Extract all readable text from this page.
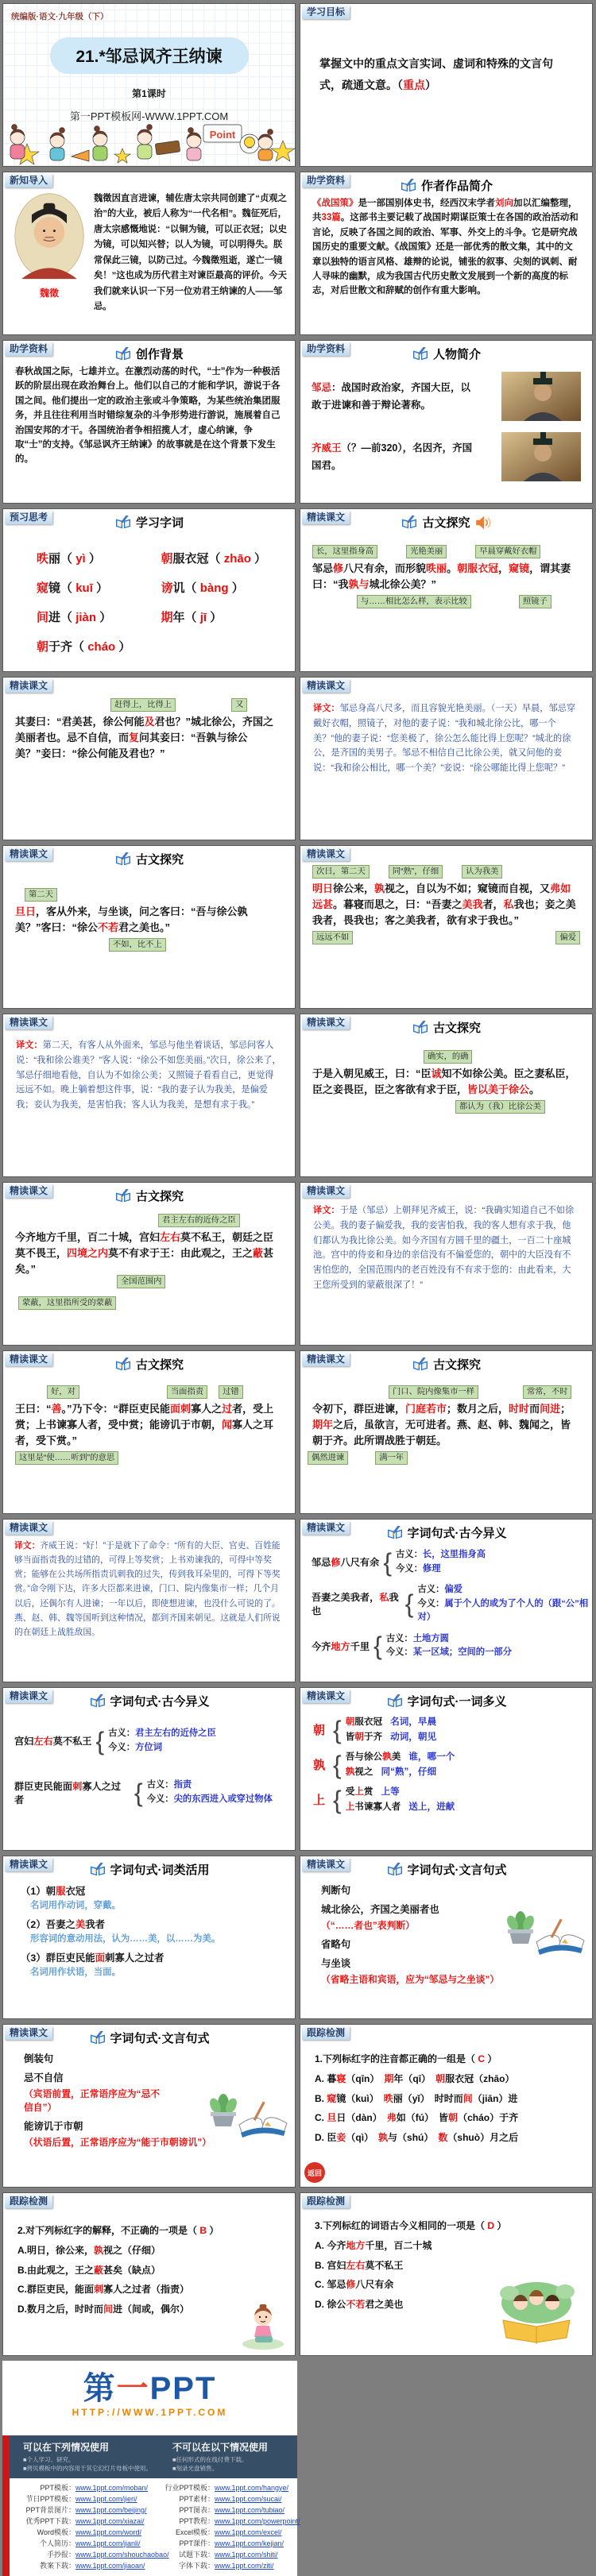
统编版·语文·九年级（下）
21.*邹忌讽齐王纳谏
第1课时
第一PPT模板网-WWW.1PPT.COM
Point
学习目标

掌握文中的重点文言实词、虚词和特殊的文言句式，疏通文意。（重点）

新知导入
魏徵
魏徵因直言进谏，辅佐唐太宗共同创建了“贞观之治”的大业，被后人称为“一代名相”。魏征死后，唐太宗感慨地说：“以铜为镜，可以正衣冠；以史为镜，可以知兴替；以人为镜，可以明得失。朕常保此三镜，以防己过。今魏徵殂逝，遂亡一镜矣！”这也成为历代君主对谏臣最高的评价。今天我们就来认识一下另一位劝君王纳谏的人——邹忌。
助学资料	作者作品简介

《战国策》是一部国别体史书，经西汉末学者刘向加以汇编整理，共33篇。这部书主要记载了战国时期谋臣策士在各国的政治活动和言论，反映了各国之间的政治、军事、外交上的斗争。它是研究战国历史的重要文献。《战国策》还是一部优秀的散文集，其中的文章以独特的语言风格、雄辩的论说，铺张的叙事、尖刻的讽刺、耐人寻味的幽默，成为我国古代历史散文发展到一个新的高度的标志，对后世散文和辞赋的创作有重大影响。

助学资料	创作背景

春秋战国之际，七雄并立。在激烈动荡的时代，“士”作为一种极活跃的阶层出现在政治舞台上。他们以自己的才能和学识，游说于各国之间。他们提出一定的政治主张或斗争策略，为某些统治集团服务，并且往往利用当时错综复杂的斗争形势进行游说，施展着自己治国安邦的才干。各国统治者争相招揽人才，虚心纳谏，争取“士”的支持。《邹忌讽齐王纳谏》的故事就是在这个背景下发生的。

助学资料	人物简介

邹忌：战国时政治家，齐国大臣，以敢于进谏和善于辩论著称。

齐威王（？—前320），名因齐，齐国国君。

预习思考	学习字词
昳丽（ yì ）	朝服衣冠（ zhāo ）
窥镜（ kuī ）	谤讥（ bàng ）
间进（ jiàn ）	期年（ jī ）
朝于齐（ cháo ）
精读课文	古文探究
长，这里指身高	光艳美丽	早晨穿戴好衣帽

邹忌修八尺有余，而形貌昳丽。朝服衣冠，窥镜，谓其妻曰：“我孰与城北徐公美？”

与……相比怎么样，表示比较	照镜子
精读课文
赶得上，比得上	又

其妻曰：“君美甚，徐公何能及君也？”城北徐公，齐国之美丽者也。忌不自信，而复问其妾曰：“吾孰与徐公美？”妾曰：“徐公何能及君也？”

精读课文

译文：邹忌身高八尺多，而且容貌光艳美丽。（一天）早晨，邹忌穿戴好衣帽，照镜子，对他的妻子说：“我和城北徐公比，哪一个美？”他的妻子说：“您美极了，徐公怎么能比得上您呢？”城北的徐公，是齐国的美男子。邹忌不相信自己比徐公美，就又问他的妾说：“我和徐公相比，哪一个美？”妾说：“徐公哪能比得上您呢？”

精读课文	古文探究
第二天

旦日，客从外来，与坐谈，问之客曰：“吾与徐公孰美？”客曰：“徐公不若君之美也。”

不如，比不上
精读课文
次日，第二天	同“熟”，仔细	认为我美

明日徐公来，孰视之，自以为不如；窥镜而自视，又弗如远甚。暮寝而思之，曰：“吾妻之美我者，私我也；妾之美我者，畏我也；客之美我者，欲有求于我也。”

远远不如	偏爱
精读课文

译文：第二天，有客人从外面来，邹忌与他坐着谈话，邹忌问客人说：“我和徐公谁美？”客人说：“徐公不如您美丽。”次日，徐公来了，邹忌仔细地看他，自认为不如徐公美；又照镜子看看自己，更觉得远远不如。晚上躺着想这件事，说：“我的妻子认为我美，是偏爱我；妾认为我美，是害怕我；客人认为我美，是想有求于我。”

精读课文	古文探究
确实，的确

于是入朝见威王，曰：“臣诚知不如徐公美。臣之妻私臣，臣之妾畏臣，臣之客欲有求于臣，皆以美于徐公。

都认为（我）比徐公美
精读课文	古文探究
君主左右的近侍之臣

今齐地方千里，百二十城，宫妇左右莫不私王，朝廷之臣莫不畏王，四境之内莫不有求于王：由此观之，王之蔽甚矣。”

全国范围内
蒙蔽，这里指所受的蒙蔽
精读课文

译文：于是（邹忌）上朝拜见齐威王，说：“我确实知道自己不如徐公美。我的妻子偏爱我，我的妾害怕我，我的客人想有求于我，他们都认为我比徐公美。如今齐国有方圆千里的疆土，一百二十座城池。宫中的侍妾和身边的亲信没有不偏爱您的，朝中的大臣没有不害怕您的，全国范围内的老百姓没有不有求于您的：由此看来，大王您所受到的蒙蔽很深了！”

精读课文	古文探究
好，对	当面指责	过错

王曰：“善。”乃下令：“群臣吏民能面刺寡人之过者，受上赏；上书谏寡人者，受中赏；能谤讥于市朝，闻寡人之耳者，受下赏。”

这里是“使……听到”的意思
精读课文	古文探究
门口、院内像集市一样	常常，不时

令初下，群臣进谏，门庭若市；数月之后，时时而间进；期年之后，虽欲言，无可进者。燕、赵、韩、魏闻之，皆朝于齐。此所谓战胜于朝廷。

偶然进谏	满一年
精读课文

译文：齐威王说：“好！”于是就下了命令：“所有的大臣、官吏、百姓能够当面指责我的过错的，可得上等奖赏；上书劝谏我的，可得中等奖赏；能够在公共场所指责讥刺我的过失，传到我耳朵里的，可得下等奖赏。”命令刚下达，许多大臣都来进谏，门口、院内像集市一样；几个月以后，还偶尔有人进谏；一年以后，即使想进谏，也没什么可说的了。燕、赵、韩、魏等国听到这种情况，都到齐国来朝见。这就是人们所说的在朝廷上战胜敌国。

精读课文	字词句式·古今异义
邹忌修八尺有余 { 古义：长，这里指身高
今义：修理
吾妻之美我者，私我也	{
古义：偏爱
今义：属于个人的或为了个人的（跟“公”相对）
今齐地方千里 { 古义：土地方圆
今义：某一区域；空间的一部分
精读课文	字词句式·古今异义
宫妇左右莫不私王 { 古义：君主左右的近侍之臣
今义：方位词
群臣吏民能面刺寡人之过者	{ 古义：指责
今义：尖的东西进入或穿过物体
精读课文	字词句式·一词多义
朝 { 朝服衣冠 名词，早晨
皆朝于齐 动词，朝见
孰 { 吾与徐公孰美 谁，哪一个
孰视之 同“熟”，仔细
上 { 受上赏 上等
上书谏寡人者 送上，进献
精读课文	字词句式·词类活用
（1）朝服衣冠
名词用作动词，穿戴。
（2）吾妻之美我者
形容词的意动用法，认为……美，以……为美。
（3）群臣吏民能面刺寡人之过者
名词用作状语，当面。
精读课文	字词句式·文言句式
判断句
城北徐公，齐国之美丽者也
（“……者也”表判断）
省略句
与坐谈
（省略主语和宾语，应为“邹忌与之坐谈”）
精读课文	字词句式·文言句式
倒装句
忌不自信
（宾语前置，正常语序应为“忌不信自”）
能谤讥于市朝
（状语后置，正常语序应为“能于市朝谤讥”）
跟踪检测

1.下列标红字的注音都正确的一组是（ C ）

A. 暮寝（qīn）　期年（qī）　朝服衣冠（zhāo）

B. 窥镜（kuì）　昳丽（yǐ）　时时而间（jiān）进

C. 旦日（dàn）　弗如（fú）　皆朝（cháo）于齐

D. 臣妾（qì）　孰与（shú）　数（shuò）月之后

返回
跟踪检测

2.对下列标红字的解释，不正确的一项是（ B ）

A.明日，徐公来，孰视之（仔细）

B.由此观之，王之蔽甚矣（缺点）

C.群臣吏民，能面刺寡人之过者（指责）

D.数月之后，时时而间进（间或，偶尔）

跟踪检测

3.下列标红的词语古今义相同的一项是（ D ）

A. 今齐地方千里，百二十城

B. 宫妇左右莫不私王

C. 邹忌修八尺有余

D. 徐公不若君之美也

第一PPT
HTTP://WWW.1PPT.COM
可以在下列情况使用
■个人学习、研究。
■拷贝模板中的内容用于其它幻灯片母板中使用。
不可以在以下情况使用
■任何形式的在线付费下载。
■刻录光盘销售。
PPT模板： www.1ppt.com/moban/
节日PPT模板： www.1ppt.com/jieri/
PPT背景图片： www.1ppt.com/beijing/
优秀PPT下载： www.1ppt.com/xiazai/
Word模板： www.1ppt.com/word/
个人简历： www.1ppt.com/jianli/
手抄报： www.1ppt.com/shouchaobao/
教案下载： www.1ppt.com/jiaoan/
行业PPT模板： www.1ppt.com/hangye/
PPT素材： www.1ppt.com/sucai/
PPT图表： www.1ppt.com/tubiao/
PPT教程： www.1ppt.com/powerpoint/
Excel模板： www.1ppt.com/excel/
PPT课件： www.1ppt.com/kejian/
试题下载： www.1ppt.com/shiti/
字体下载： www.1ppt.com/ziti/
